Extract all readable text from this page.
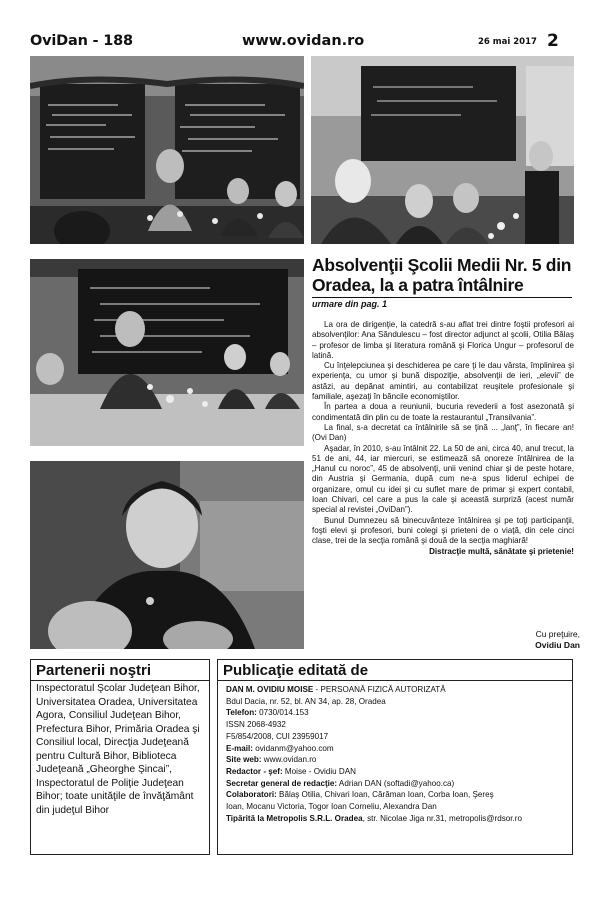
OviDan - 188	www.ovidan.ro	26 mai 2017 2
Absolvenţii Şcolii Medii Nr. 5 din Oradea, la a patra întâlnire
urmare din pag. 1

La ora de dirigenţie, la catedră s-au aflat trei dintre foştii profesori ai absolvenţilor: Ana Săndulescu – fost director adjunct al şcolii, Otilia Bălaş – profesor de limba şi literatura română şi Florica Ungur – profesorul de latină.

Cu înţelepciunea şi deschiderea pe care ţi le dau vârsta, împlinirea şi experienţa, cu umor şi bună dispoziţie, absolvenţii de ieri, „elevii” de astăzi, au depănat amintiri, au contabilizat reuşitele profesionale şi familiale, aşezaţi în băncile economiştilor.

În partea a doua a reuniunii, bucuria revederii a fost asezonată şi condimentată din plin cu de toate la restaurantul „Transilvania”.

La final, s-a decretat ca întâlnirile să se ţină ... „lanţ”, în fiecare an! (Ovi Dan)

Aşadar, în 2010, s-au întâlnit 22. La 50 de ani, circa 40, anul trecut, la 51 de ani, 44, iar miercuri, se estimează să onoreze întâlnirea de la „Hanul cu noroc”, 45 de absolvenţi, unii venind chiar şi de peste hotare, din Austria şi Germania, după cum ne-a spus liderul echipei de organizare, omul cu idei şi cu suflet mare de primar şi expert contabil, Ioan Chivari, cel care a pus la cale şi această surpriză (acest număr special al revistei „OviDan”).

Bunul Dumnezeu să binecuvânteze întâlnirea şi pe toţi participanţii, foşti elevi şi profesori, buni colegi şi prieteni de o viaţă, din cele cinci clase, trei de la secţia română şi două de la secţia maghiară!

Distracţie multă, sănătate şi prietenie!

Cu preţuire,
Ovidiu Dan
Partenerii noştri
Inspectoratul Şcolar Judeţean Bihor, Universitatea Oradea, Universitatea Agora, Consiliul Judeţean Bihor, Prefectura Bihor, Primăria Oradea şi Consiliul local, Direcţia Judeţeană pentru Cultură Bihor, Biblioteca Judeţeană „Gheorghe Şincai”, Inspectoratul de Poliţie Judeţean Bihor; toate unităţile de învăţământ din judeţul Bihor
Publicaţie editată de
DAN M. OVIDIU MOISE - PERSOANĂ FIZICĂ AUTORIZATĂ
Bdul Dacia, nr. 52, bl. AN 34, ap. 28, Oradea
Telefon: 0730/014.153
ISSN 2068-4932
F5/854/2008, CUI 23959017
E-mail: ovidanm@yahoo.com
Site web: www.ovidan.ro
Redactor - şef: Moise - Ovidiu DAN
Secretar general de redacţie: Adrian DAN (softadi@yahoo.ca)
Colaboratori: Bălaş Otilia, Chivari Ioan, Cărăman Ioan, Corba Ioan, Şereş
Ioan, Mocanu Victoria, Togor Ioan Corneliu, Alexandra Dan
Tipărită la Metropolis S.R.L. Oradea, str. Nicolae Jiga nr.31, metropolis@rdsor.ro
